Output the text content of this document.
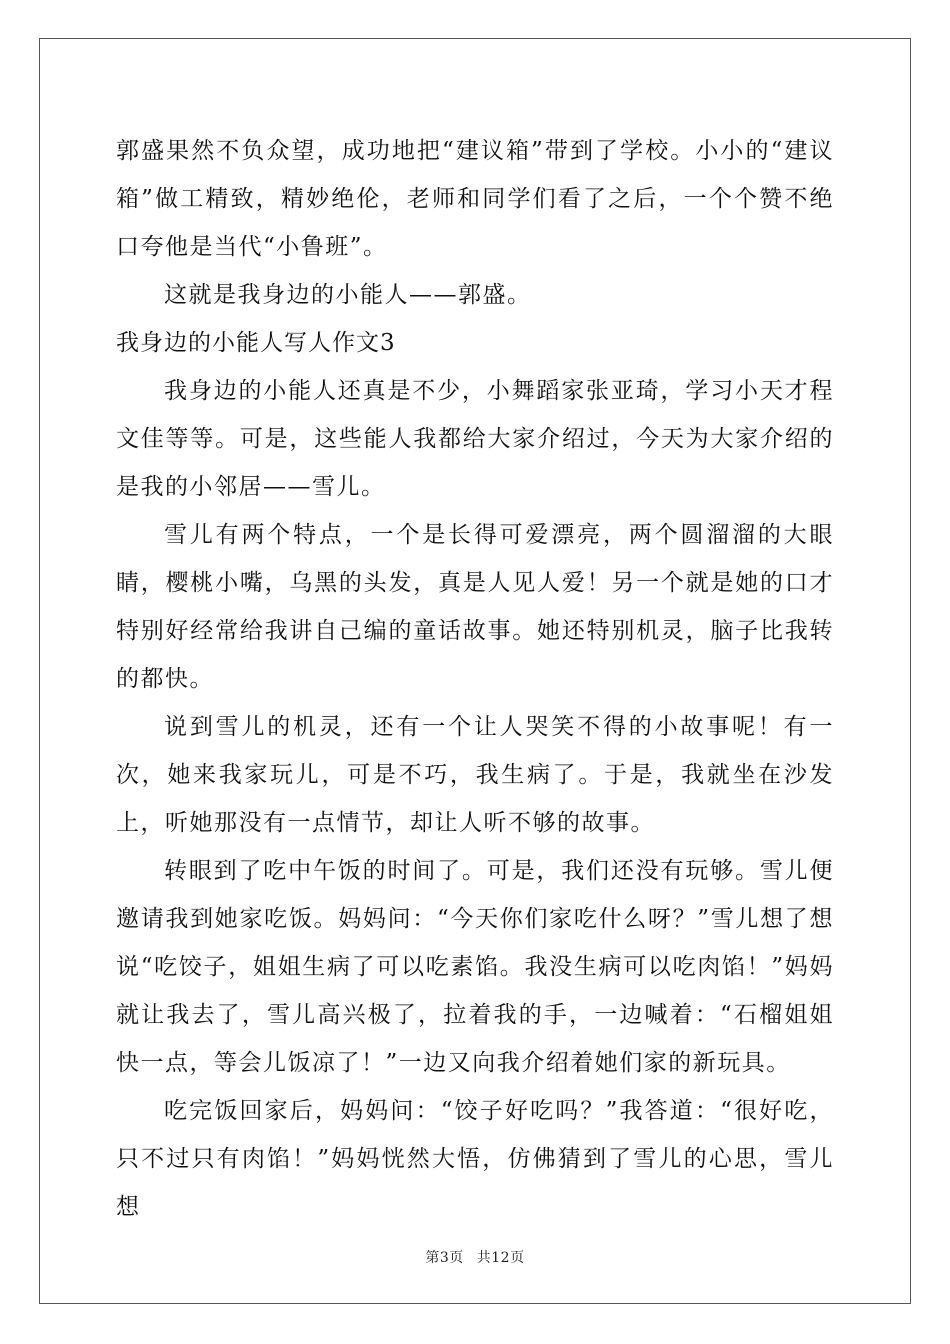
郭盛果然不负众望，成功地把“建议箱”带到了学校。小小的“建议箱”做工精致，精妙绝伦，老师和同学们看了之后，一个个赞不绝口夸他是当代“小鲁班”。

这就是我身边的小能人——郭盛。

我身边的小能人写人作文3

我身边的小能人还真是不少，小舞蹈家张亚琦，学习小天才程文佳等等。可是，这些能人我都给大家介绍过，今天为大家介绍的是我的小邻居——雪儿。

雪儿有两个特点，一个是长得可爱漂亮，两个圆溜溜的大眼睛，樱桃小嘴，乌黑的头发，真是人见人爱！另一个就是她的口才特别好经常给我讲自己编的童话故事。她还特别机灵，脑子比我转的都快。

说到雪儿的机灵，还有一个让人哭笑不得的小故事呢！有一次，她来我家玩儿，可是不巧，我生病了。于是，我就坐在沙发上，听她那没有一点情节，却让人听不够的故事。

转眼到了吃中午饭的时间了。可是，我们还没有玩够。雪儿便邀请我到她家吃饭。妈妈问：“今天你们家吃什么呀？”雪儿想了想说“吃饺子，姐姐生病了可以吃素馅。我没生病可以吃肉馅！”妈妈就让我去了，雪儿高兴极了，拉着我的手，一边喊着：“石榴姐姐快一点，等会儿饭凉了！”一边又向我介绍着她们家的新玩具。

吃完饭回家后，妈妈问：“饺子好吃吗？”我答道：“很好吃，只不过只有肉馅！”妈妈恍然大悟，仿佛猜到了雪儿的心思，雪儿想

第3页 共12页
